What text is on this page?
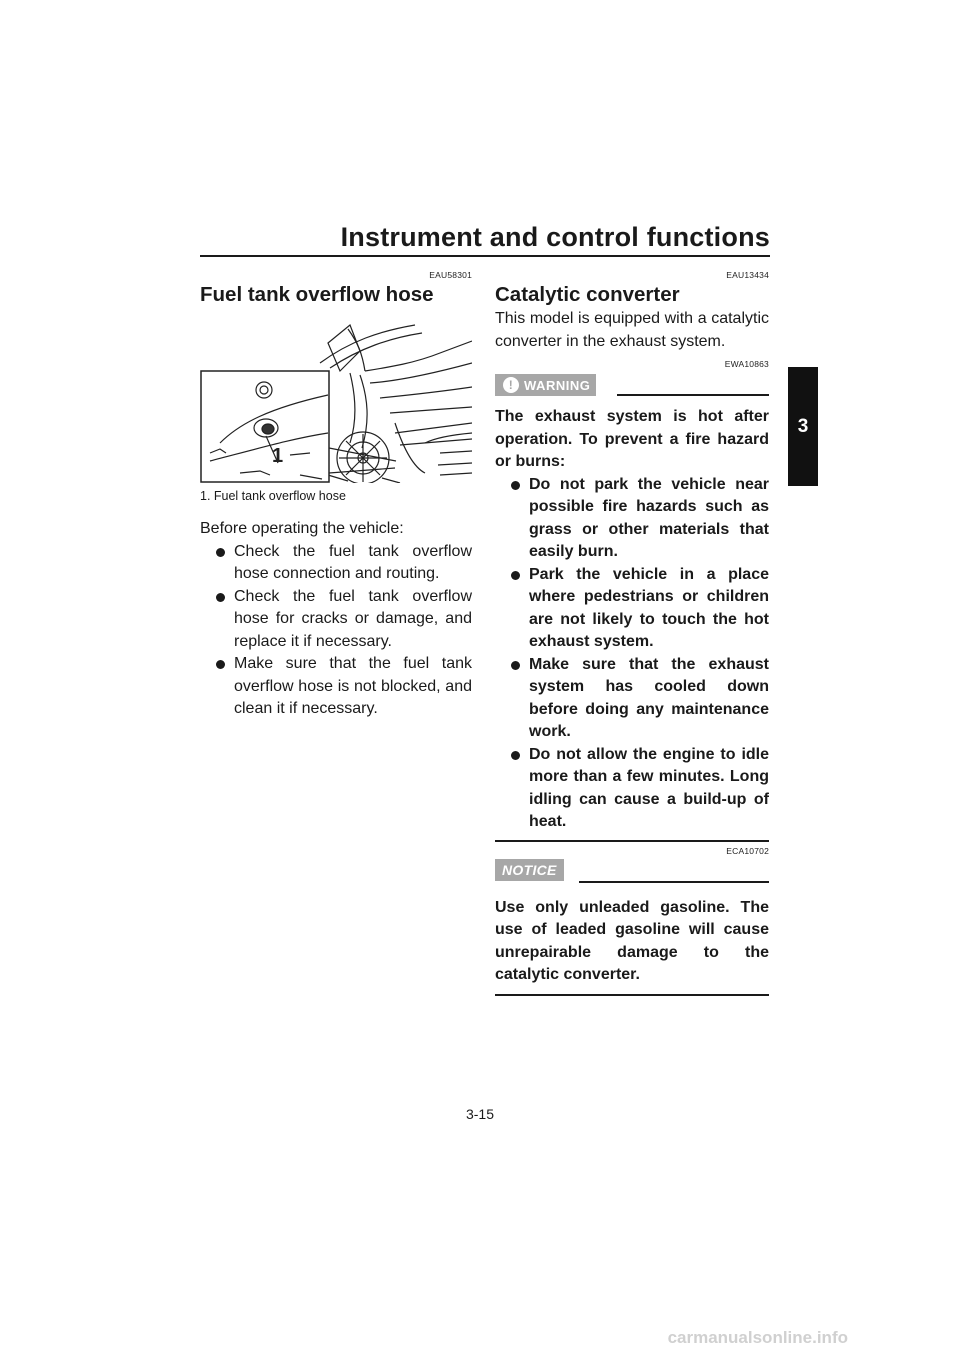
Instrument and control functions
3
EAU58301
Fuel tank overflow hose
1
1. Fuel tank overflow hose

Before operating the vehicle:

Check the fuel tank overflow hose connection and routing.
Check the fuel tank overflow hose for cracks or damage, and replace it if necessary.
Make sure that the fuel tank overflow hose is not blocked, and clean it if necessary.
EAU13434
Catalytic converter

This model is equipped with a catalytic converter in the exhaust system.

EWA10863
! WARNING

The exhaust system is hot after operation. To prevent a fire hazard or burns:

Do not park the vehicle near possible fire hazards such as grass or other materials that easily burn.
Park the vehicle in a place where pedestrians or children are not likely to touch the hot exhaust system.
Make sure that the exhaust system has cooled down before doing any maintenance work.
Do not allow the engine to idle more than a few minutes. Long idling can cause a build-up of heat.
ECA10702
NOTICE

Use only unleaded gasoline. The use of leaded gasoline will cause unrepairable damage to the catalytic converter.

3-15
carmanualsonline.info
